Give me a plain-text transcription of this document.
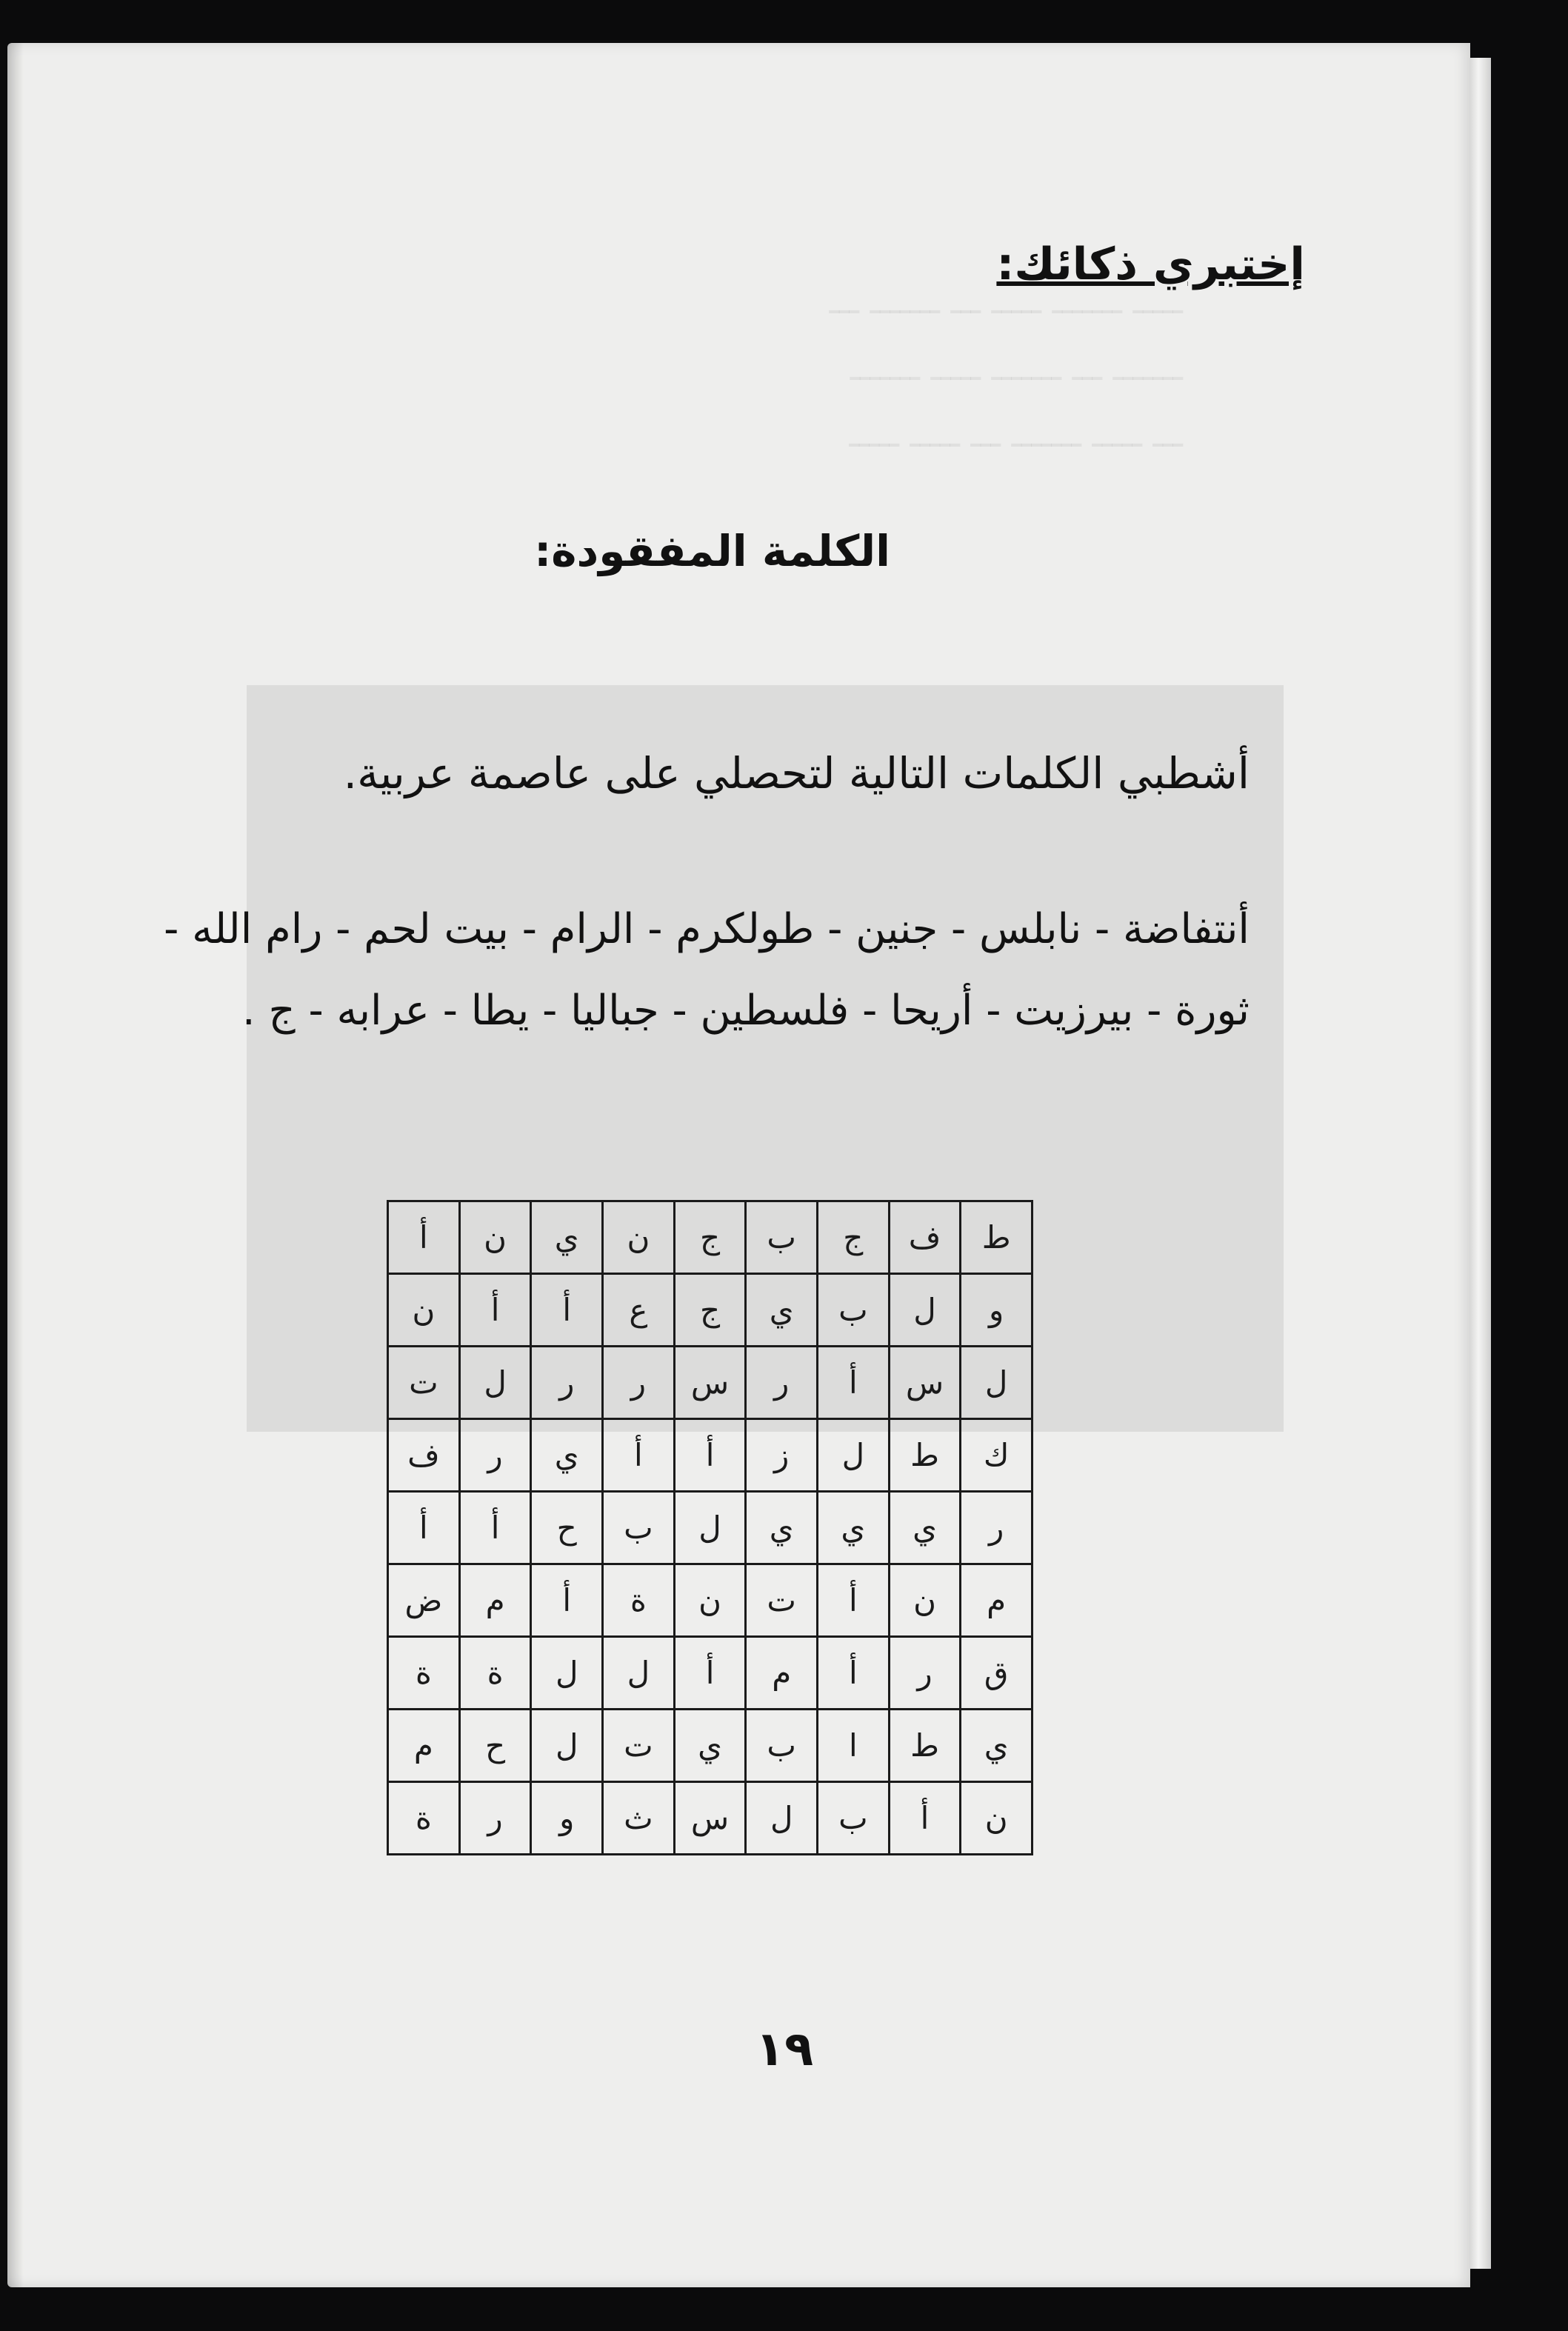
ـــــ ـــــــ ـــــ ـــ ـــــــ ـــ
ـــــــ ـــ ـــــــ ـــــ ـــــــ
ـــ ـــــ ـــــــ ـــ ـــــ ـــــ
إختبري ذكائك:
الكلمة المفقودة:

أشطبي الكلمات التالية لتحصلي على عاصمة عربية.

أنتفاضة - نابلس - جنين - طولكرم - الرام - بيت لحم - رام الله - ثورة - بيرزيت - أريحا - فلسطين - جباليا - يطا - عرابه - ج .

ط	ف	ج	ب	ج	ن	ي	ن	أ
و	ل	ب	ي	ج	ع	أ	أ	ن
ل	س	أ	ر	س	ر	ر	ل	ت
ك	ط	ل	ز	أ	أ	ي	ر	ف
ر	ي	ي	ي	ل	ب	ح	أ	أ
م	ن	أ	ت	ن	ة	أ	م	ض
ق	ر	أ	م	أ	ل	ل	ة	ة
ي	ط	ا	ب	ي	ت	ل	ح	م
ن	أ	ب	ل	س	ث	و	ر	ة
١٩
